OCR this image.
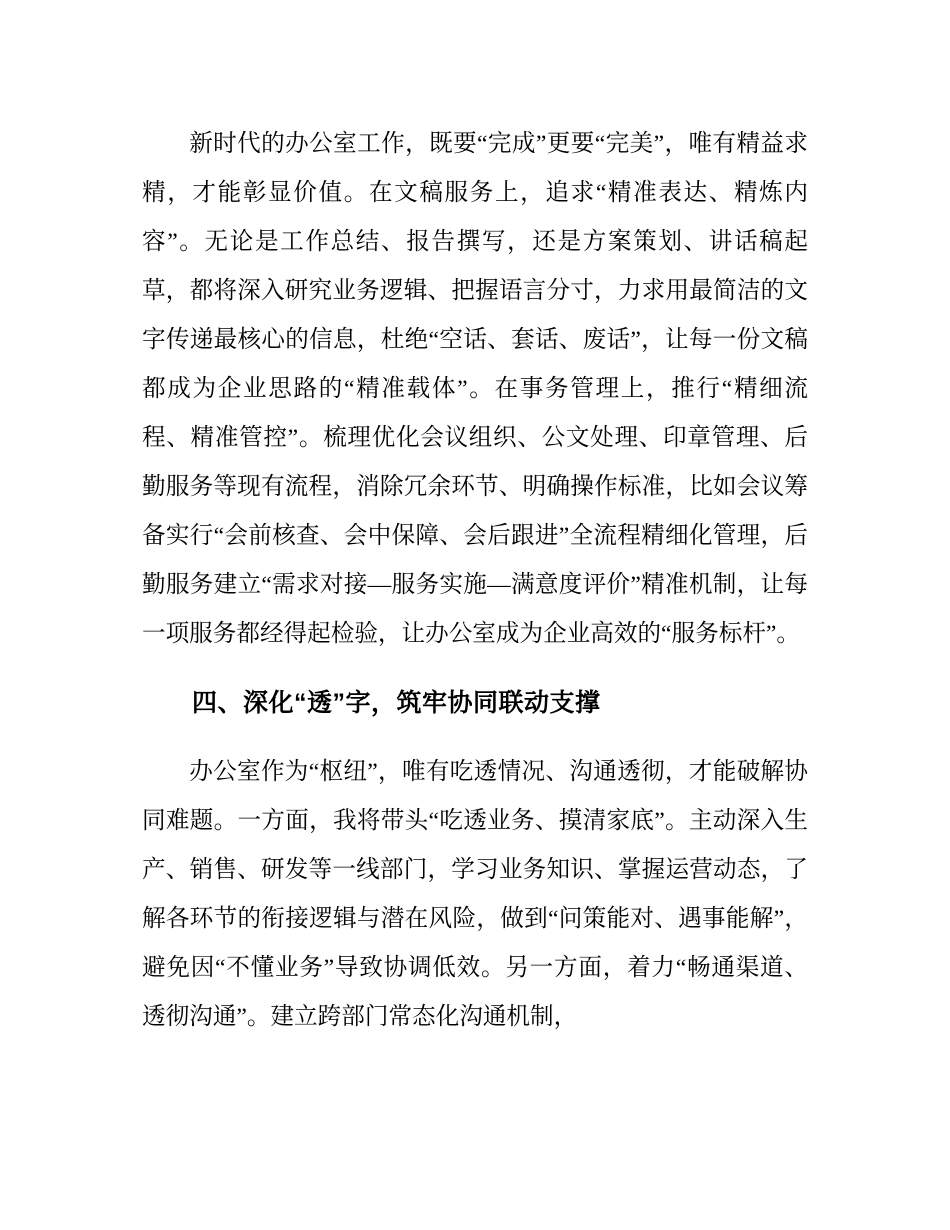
新时代的办公室工作，既要“完成”更要“完美”，唯有精益求精，才能彰显价值。在文稿服务上，追求“精准表达、精炼内容”。无论是工作总结、报告撰写，还是方案策划、讲话稿起草，都将深入研究业务逻辑、把握语言分寸，力求用最简洁的文字传递最核心的信息，杜绝“空话、套话、废话”，让每一份文稿都成为企业思路的“精准载体”。在事务管理上，推行“精细流程、精准管控”。梳理优化会议组织、公文处理、印章管理、后勤服务等现有流程，消除冗余环节、明确操作标准，比如会议筹备实行“会前核查、会中保障、会后跟进”全流程精细化管理，后勤服务建立“需求对接—服务实施—满意度评价”精准机制，让每一项服务都经得起检验，让办公室成为企业高效的“服务标杆”。

四、深化“透”字，筑牢协同联动支撑

办公室作为“枢纽”，唯有吃透情况、沟通透彻，才能破解协同难题。一方面，我将带头“吃透业务、摸清家底”。主动深入生产、销售、研发等一线部门，学习业务知识、掌握运营动态，了解各环节的衔接逻辑与潜在风险，做到“问策能对、遇事能解”，避免因“不懂业务”导致协调低效。另一方面，着力“畅通渠道、透彻沟通”。建立跨部门常态化沟通机制，
